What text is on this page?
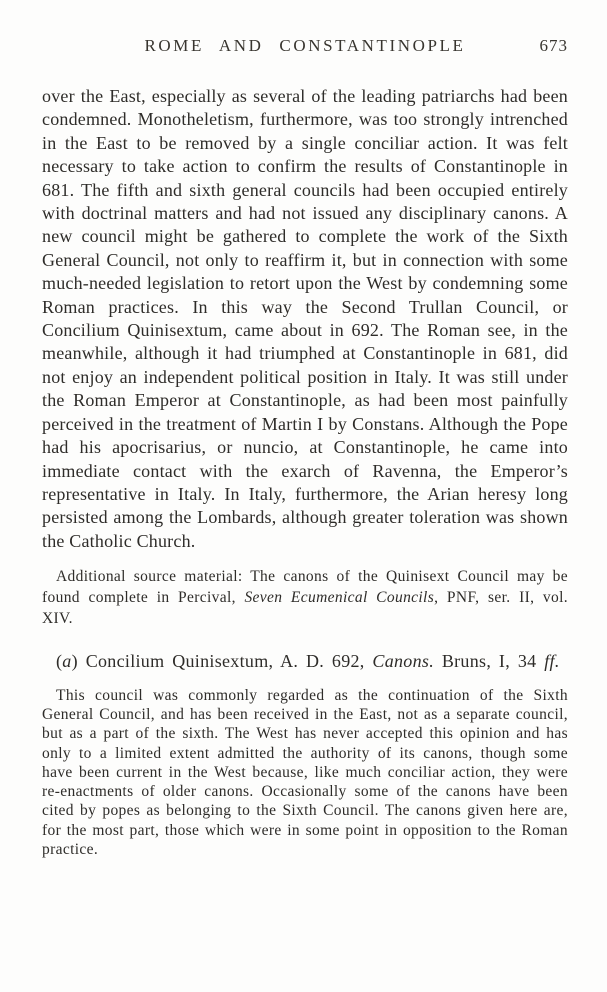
ROME AND CONSTANTINOPLE	673

over the East, especially as several of the leading patriarchs had been condemned. Monotheletism, furthermore, was too strongly intrenched in the East to be removed by a single conciliar action. It was felt necessary to take action to confirm the results of Constantinople in 681. The fifth and sixth general councils had been occupied entirely with doctrinal matters and had not issued any disciplinary canons. A new council might be gathered to complete the work of the Sixth General Council, not only to reaffirm it, but in connection with some much-needed legislation to retort upon the West by condemning some Roman practices. In this way the Second Trullan Council, or Concilium Quinisextum, came about in 692. The Roman see, in the meanwhile, although it had triumphed at Constantinople in 681, did not enjoy an independent political position in Italy. It was still under the Roman Emperor at Constantinople, as had been most painfully perceived in the treatment of Martin I by Constans. Although the Pope had his apocrisarius, or nuncio, at Constantinople, he came into immediate contact with the exarch of Ravenna, the Emperor’s representative in Italy. In Italy, furthermore, the Arian heresy long persisted among the Lombards, although greater toleration was shown the Catholic Church.

Additional source material: The canons of the Quinisext Council may be found complete in Percival, Seven Ecumenical Councils, PNF, ser. II, vol. XIV.

(a) Concilium Quinisextum, A. D. 692, Canons. Bruns, I, 34 ff.

This council was commonly regarded as the continuation of the Sixth General Council, and has been received in the East, not as a separate council, but as a part of the sixth. The West has never accepted this opinion and has only to a limited extent admitted the authority of its canons, though some have been current in the West because, like much conciliar action, they were re-enactments of older canons. Occasionally some of the canons have been cited by popes as belonging to the Sixth Council. The canons given here are, for the most part, those which were in some point in opposition to the Roman practice.
